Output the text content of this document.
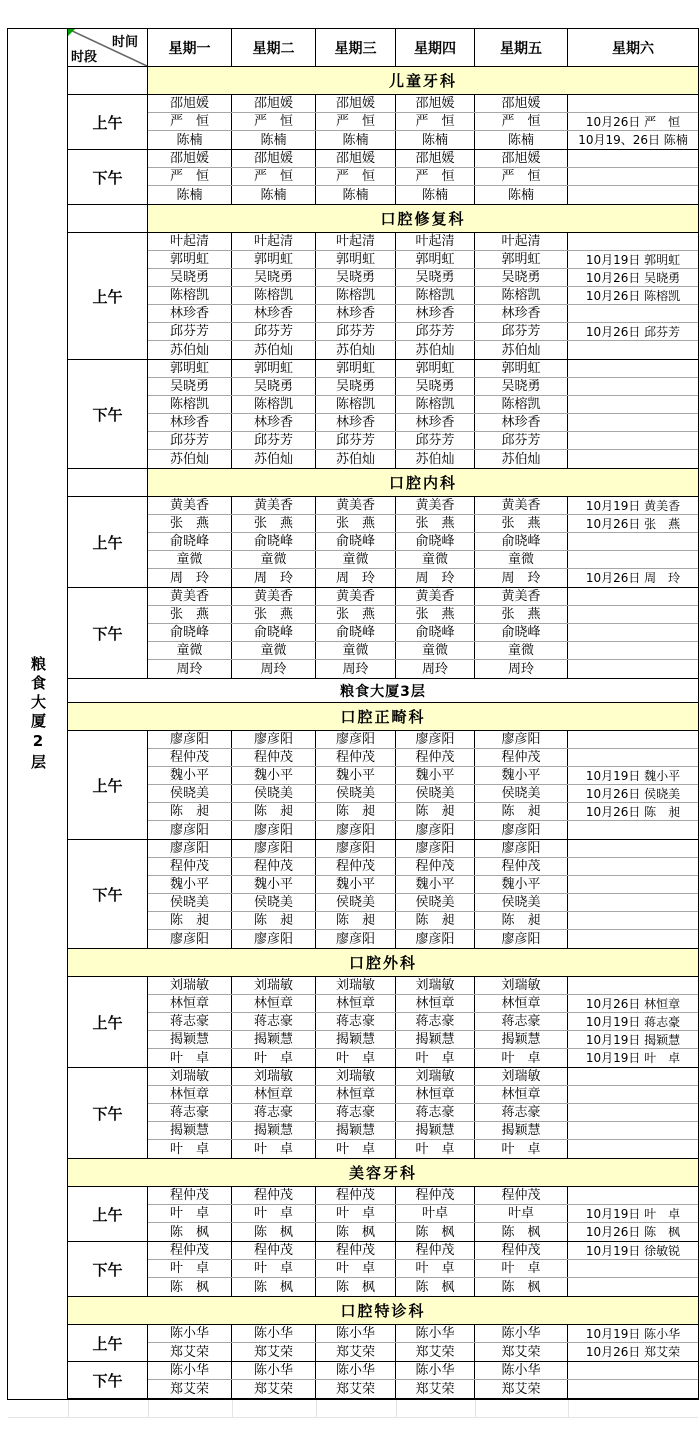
粮食大厦2层
时间
时段
星期一	星期二	星期三	星期四	星期五	星期六
儿童牙科
上午
邵旭媛	邵旭媛	邵旭媛	邵旭媛	邵旭媛
严　恒	严　恒	严　恒	严　恒	严　恒	10月26日 严　恒
陈楠	陈楠	陈楠	陈楠	陈楠	10月19、26日 陈楠
下午
邵旭媛	邵旭媛	邵旭媛	邵旭媛	邵旭媛
严　恒	严　恒	严　恒	严　恒	严　恒
陈楠	陈楠	陈楠	陈楠	陈楠
口腔修复科
上午
叶起清	叶起清	叶起清	叶起清	叶起清
郭明虹	郭明虹	郭明虹	郭明虹	郭明虹	10月19日 郭明虹
吴晓勇	吴晓勇	吴晓勇	吴晓勇	吴晓勇	10月26日 吴晓勇
陈榕凯	陈榕凯	陈榕凯	陈榕凯	陈榕凯	10月26日 陈榕凯
林珍香	林珍香	林珍香	林珍香	林珍香
邱芬芳	邱芬芳	邱芬芳	邱芬芳	邱芬芳	10月26日 邱芬芳
苏伯灿	苏伯灿	苏伯灿	苏伯灿	苏伯灿
下午
郭明虹	郭明虹	郭明虹	郭明虹	郭明虹
吴晓勇	吴晓勇	吴晓勇	吴晓勇	吴晓勇
陈榕凯	陈榕凯	陈榕凯	陈榕凯	陈榕凯
林珍香	林珍香	林珍香	林珍香	林珍香
邱芬芳	邱芬芳	邱芬芳	邱芬芳	邱芬芳
苏伯灿	苏伯灿	苏伯灿	苏伯灿	苏伯灿
口腔内科
上午
黄美香	黄美香	黄美香	黄美香	黄美香	10月19日 黄美香
张　燕	张　燕	张　燕	张　燕	张　燕	10月26日 张　燕
俞晓峰	俞晓峰	俞晓峰	俞晓峰	俞晓峰
童微	童微	童微	童微	童微
周　玲	周　玲	周　玲	周　玲	周　玲	10月26日 周　玲
下午
黄美香	黄美香	黄美香	黄美香	黄美香
张　燕	张　燕	张　燕	张　燕	张　燕
俞晓峰	俞晓峰	俞晓峰	俞晓峰	俞晓峰
童微	童微	童微	童微	童微
周玲	周玲	周玲	周玲	周玲
粮食大厦3层
口腔正畸科
上午
廖彦阳	廖彦阳	廖彦阳	廖彦阳	廖彦阳
程仲茂	程仲茂	程仲茂	程仲茂	程仲茂
魏小平	魏小平	魏小平	魏小平	魏小平	10月19日 魏小平
侯晓美	侯晓美	侯晓美	侯晓美	侯晓美	10月26日 侯晓美
陈　昶	陈　昶	陈　昶	陈　昶	陈　昶	10月26日 陈　昶
廖彦阳	廖彦阳	廖彦阳	廖彦阳	廖彦阳
下午
廖彦阳	廖彦阳	廖彦阳	廖彦阳	廖彦阳
程仲茂	程仲茂	程仲茂	程仲茂	程仲茂
魏小平	魏小平	魏小平	魏小平	魏小平
侯晓美	侯晓美	侯晓美	侯晓美	侯晓美
陈　昶	陈　昶	陈　昶	陈　昶	陈　昶
廖彦阳	廖彦阳	廖彦阳	廖彦阳	廖彦阳
口腔外科
上午
刘瑞敏	刘瑞敏	刘瑞敏	刘瑞敏	刘瑞敏
林恒章	林恒章	林恒章	林恒章	林恒章	10月26日 林恒章
蒋志豪	蒋志豪	蒋志豪	蒋志豪	蒋志豪	10月19日 蒋志豪
揭颖慧	揭颖慧	揭颖慧	揭颖慧	揭颖慧	10月19日 揭颖慧
叶　卓	叶　卓	叶　卓	叶　卓	叶　卓	10月19日 叶　卓
下午
刘瑞敏	刘瑞敏	刘瑞敏	刘瑞敏	刘瑞敏
林恒章	林恒章	林恒章	林恒章	林恒章
蒋志豪	蒋志豪	蒋志豪	蒋志豪	蒋志豪
揭颖慧	揭颖慧	揭颖慧	揭颖慧	揭颖慧
叶　卓	叶　卓	叶　卓	叶　卓	叶　卓
美容牙科
上午
程仲茂	程仲茂	程仲茂	程仲茂	程仲茂
叶　卓	叶　卓	叶　卓	叶卓	叶卓	10月19日 叶　卓
陈　枫	陈　枫	陈　枫	陈　枫	陈　枫	10月26日 陈　枫
下午
程仲茂	程仲茂	程仲茂	程仲茂	程仲茂	10月19日 徐敏锐
叶　卓	叶　卓	叶　卓	叶　卓	叶　卓
陈　枫	陈　枫	陈　枫	陈　枫	陈　枫
口腔特诊科
上午
陈小华	陈小华	陈小华	陈小华	陈小华	10月19日 陈小华
郑艾荣	郑艾荣	郑艾荣	郑艾荣	郑艾荣	10月26日 郑艾荣
下午
陈小华	陈小华	陈小华	陈小华	陈小华
郑艾荣	郑艾荣	郑艾荣	郑艾荣	郑艾荣
